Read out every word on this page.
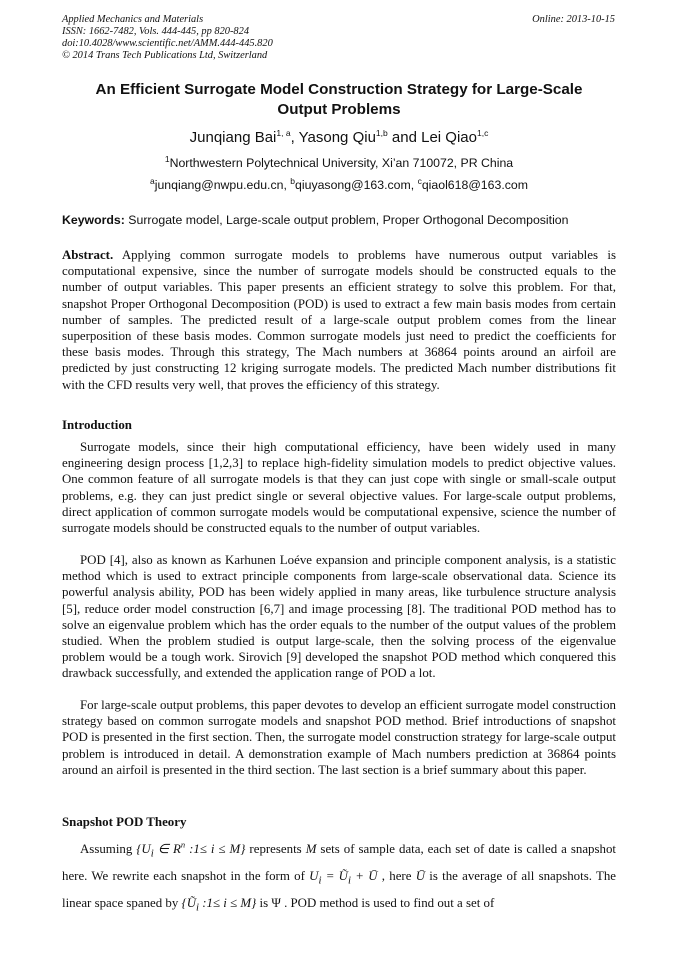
Applied Mechanics and Materials
ISSN: 1662-7482, Vols. 444-445, pp 820-824
doi:10.4028/www.scientific.net/AMM.444-445.820
© 2014 Trans Tech Publications Ltd, Switzerland
Online: 2013-10-15
An Efficient Surrogate Model Construction Strategy for Large-Scale
Output Problems
Junqiang Bai$^{1, a}$, Yasong Qiu$^{1,b}$ and Lei Qiao$^{1,c}$
$^1$Northwestern Polytechnical University, Xi’an 710072, PR China
$^a$junqiang@nwpu.edu.cn, $^b$qiuyasong@163.com, $^c$qiaol618@163.com
Keywords: Surrogate model, Large-scale output problem, Proper Orthogonal Decomposition
Abstract. Applying common surrogate models to problems have numerous output variables is computational expensive, since the number of surrogate models should be constructed equals to the number of output variables. This paper presents an efficient strategy to solve this problem. For that, snapshot Proper Orthogonal Decomposition (POD) is used to extract a few main basis modes from certain number of samples. The predicted result of a large-scale output problem comes from the linear superposition of these basis modes. Common surrogate models just need to predict the coefficients for these basis modes. Through this strategy, The Mach numbers at 36864 points around an airfoil are predicted by just constructing 12 kriging surrogate models. The predicted Mach number distributions fit with the CFD results very well, that proves the efficiency of this strategy.
Introduction
Surrogate models, since their high computational efficiency, have been widely used in many engineering design process [1,2,3] to replace high-fidelity simulation models to predict objective values. One common feature of all surrogate models is that they can just cope with single or small-scale output problems, e.g. they can just predict single or several objective values. For large-scale output problems, direct application of common surrogate models would be computational expensive, science the number of surrogate models should be constructed equals to the number of output variables.
POD [4], also as known as Karhunen Loéve expansion and principle component analysis, is a statistic method which is used to extract principle components from large-scale observational data. Science its powerful analysis ability, POD has been widely applied in many areas, like turbulence structure analysis [5], reduce order model construction [6,7] and image processing [8]. The traditional POD method has to solve an eigenvalue problem which has the order equals to the number of the output values of the problem studied. When the problem studied is output large-scale, then the solving process of the eigenvalue problem would be a tough work. Sirovich [9] developed the snapshot POD method which conquered this drawback successfully, and extended the application range of POD a lot.
For large-scale output problems, this paper devotes to develop an efficient surrogate model construction strategy based on common surrogate models and snapshot POD method. Brief introductions of snapshot POD is presented in the first section. Then, the surrogate model construction strategy for large-scale output problem is introduced in detail. A demonstration example of Mach numbers prediction at 36864 points around an airfoil is presented in the third section. The last section is a brief summary about this paper.
Snapshot POD Theory
Assuming {$U_i$ ∈ $R^n$ :1≤ i ≤ M} represents M sets of sample data, each set of date is called a snapshot here. We rewrite each snapshot in the form of $U_i$ = $Ũ_i$ + Ū , here Ū is the average of all snapshots. The linear space spaned by {$Ũ_i$ :1≤ i ≤ M} is Ψ . POD method is used to find out a set of
